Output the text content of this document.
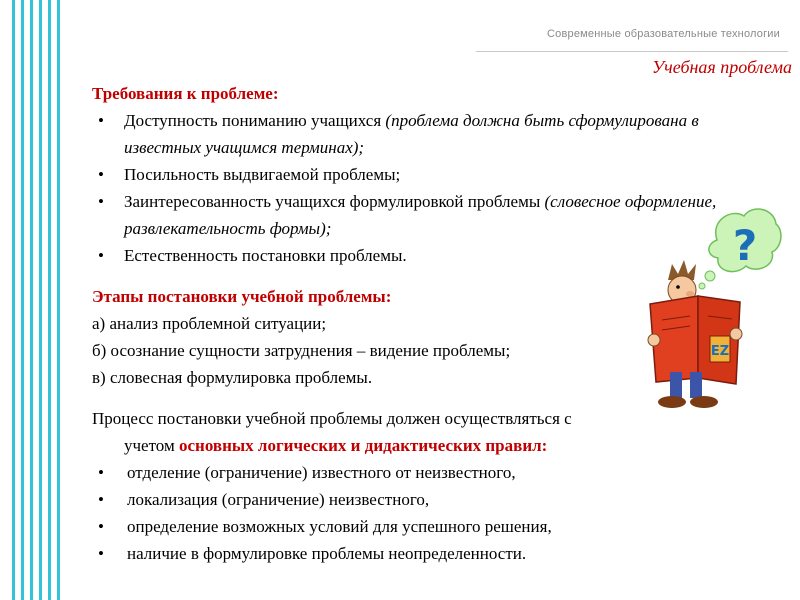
Современные образовательные технологии
Учебная проблема
Требования к проблеме:
• Доступность пониманию учащихся (проблема должна быть сформулирована в известных учащимся терминах);
• Посильность выдвигаемой проблемы;
• Заинтересованность учащихся формулировкой проблемы (словесное оформление, развлекательность формы);
• Естественность постановки проблемы.
Этапы постановки учебной проблемы:

а) анализ проблемной ситуации;

б) осознание сущности затруднения – видение проблемы;

в) словесная формулировка проблемы.

Процесс постановки учебной проблемы должен осуществляться с

учетом основных логических и дидактических правил:

• отделение (ограничение) известного от неизвестного,
• локализация (ограничение) неизвестного,
• определение возможных условий для успешного решения,
• наличие в формулировке проблемы неопределенности.
?
EZ
